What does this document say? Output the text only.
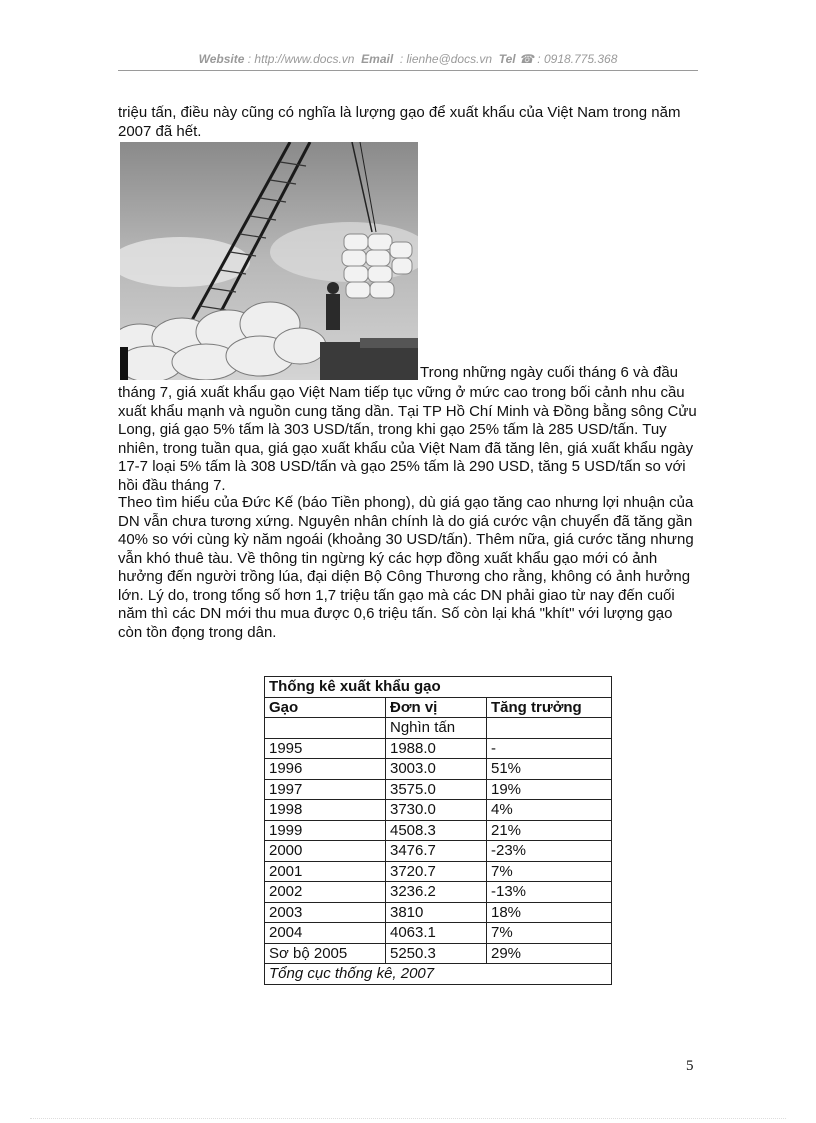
Website : http://www.docs.vn Email : lienhe@docs.vn Tel ☎ : 0918.775.368
triệu tấn, điều này cũng có nghĩa là lượng gạo để xuất khẩu của Việt Nam trong năm 2007 đã hết.
Trong những ngày cuối tháng 6 và đầu
tháng 7, giá xuất khẩu gạo Việt Nam tiếp tục vững ở mức cao trong bối cảnh nhu cầu xuất khẩu mạnh và nguồn cung tăng dần. Tại TP Hồ Chí Minh và Đồng bằng sông Cửu Long, giá gạo 5% tấm là 303 USD/tấn, trong khi gạo 25% tấm là 285 USD/tấn. Tuy nhiên, trong tuần qua, giá gạo xuất khẩu của Việt Nam đã tăng lên, giá xuất khẩu ngày 17-7 loại 5% tấm là 308 USD/tấn và gạo 25% tấm là 290 USD, tăng 5 USD/tấn so với hồi đầu tháng 7.
Theo tìm hiểu của Đức Kế (báo Tiền phong), dù giá gạo tăng cao nhưng lợi nhuận của DN vẫn chưa tương xứng. Nguyên nhân chính là do giá cước vận chuyển đã tăng gần 40% so với cùng kỳ năm ngoái (khoảng 30 USD/tấn). Thêm nữa, giá cước tăng nhưng vẫn khó thuê tàu. Về thông tin ngừng ký các hợp đồng xuất khẩu gạo mới có ảnh hưởng đến người trồng lúa, đại diện Bộ Công Thương cho rằng, không có ảnh hưởng lớn. Lý do, trong tổng số hơn 1,7 triệu tấn gạo mà các DN phải giao từ nay đến cuối năm thì các DN mới thu mua được 0,6 triệu tấn. Số còn lại khá "khít" với lượng gạo còn tồn đọng trong dân.
Thống kê xuất khẩu gạo		
Gạo	Đơn vị	Tăng trưởng
	Nghìn tấn	
1995	1988.0	-
1996	3003.0	51%
1997	3575.0	19%
1998	3730.0	4%
1999	4508.3	21%
2000	3476.7	-23%
2001	3720.7	7%
2002	3236.2	-13%
2003	3810	18%
2004	4063.1	7%
Sơ bộ 2005	5250.3	29%
Tổng cục thống kê, 2007		
5
